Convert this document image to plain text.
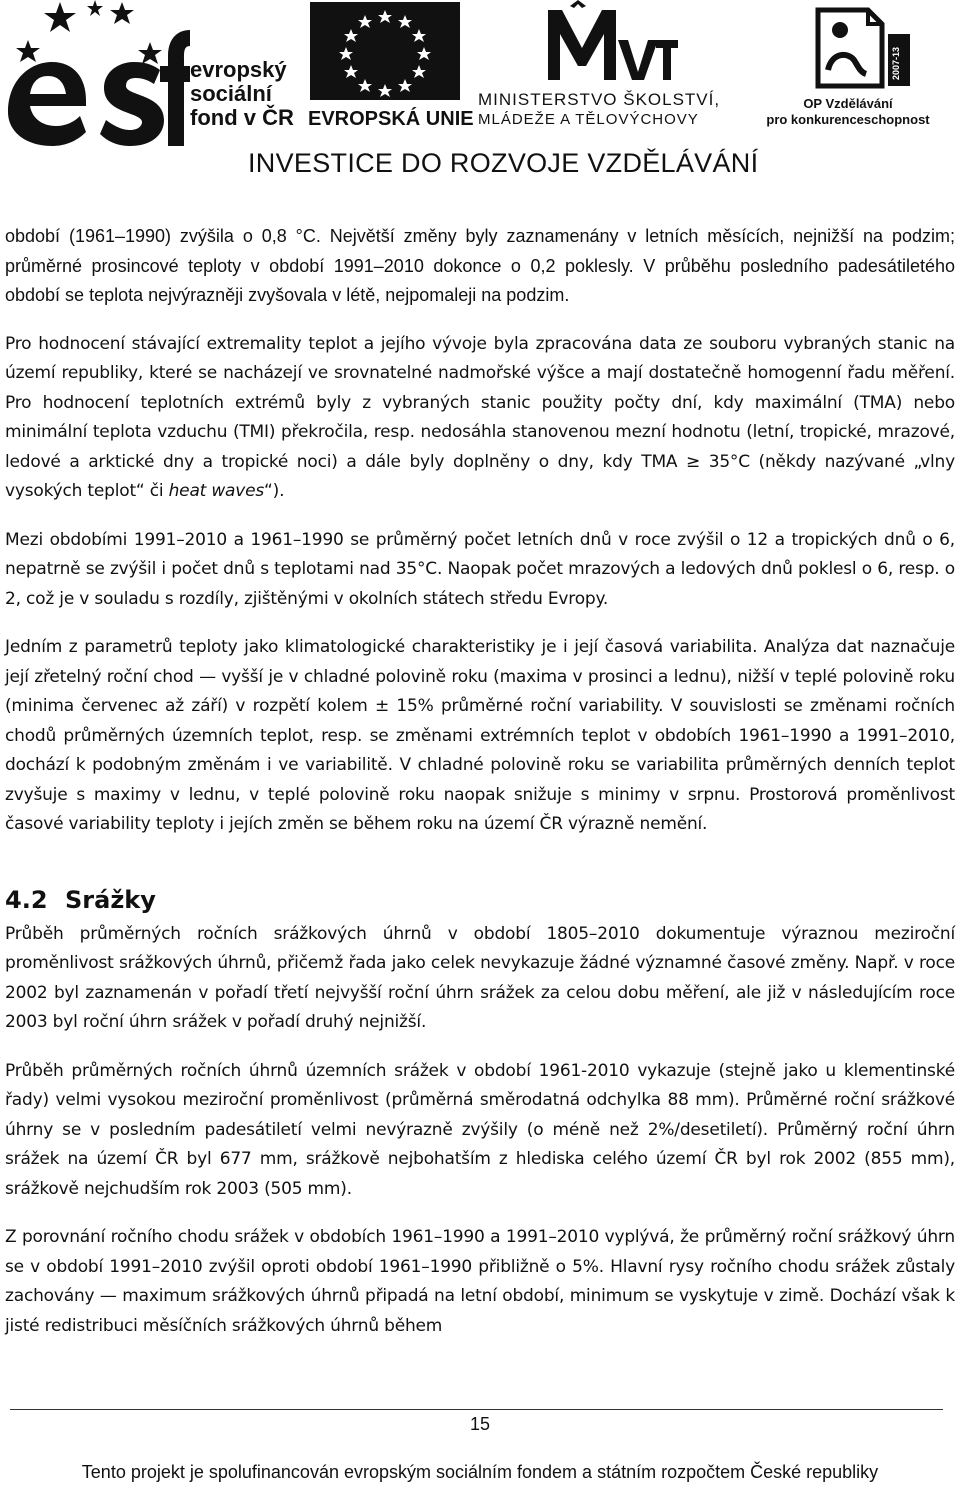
evropský
sociální
fond v ČR EVROPSKÁ UNIE
MINISTERSTVO ŠKOLSTVÍ,
MLÁDEŽE A TĚLOVÝCHOVY
2007-13
OP Vzdělávání
pro konkurenceschopnost
INVESTICE DO ROZVOJE VZDĚLÁVÁNÍ

období (1961–1990) zvýšila o 0,8 °C. Největší změny byly zaznamenány v letních měsících, nejnižší na podzim; průměrné prosincové teploty v období 1991–2010 dokonce o 0,2 poklesly. V průběhu posledního padesátiletého období se teplota nejvýrazněji zvyšovala v létě, nejpomaleji na podzim.

Pro hodnocení stávající extremality teplot a jejího vývoje byla zpracována data ze souboru vybraných stanic na území republiky, které se nacházejí ve srovnatelné nadmořské výšce a mají dostatečně homogenní řadu měření. Pro hodnocení teplotních extrémů byly z vybraných stanic použity počty dní, kdy maximální (TMA) nebo minimální teplota vzduchu (TMI) překročila, resp. nedosáhla stanovenou mezní hodnotu (letní, tropické, mrazové, ledové a arktické dny a tropické noci) a dále byly doplněny o dny, kdy TMA ≥ 35°C (někdy nazývané „vlny vysokých teplot“ či heat waves“).

Mezi obdobími 1991–2010 a 1961–1990 se průměrný počet letních dnů v roce zvýšil o 12 a tropických dnů o 6, nepatrně se zvýšil i počet dnů s teplotami nad 35°C. Naopak počet mrazových a ledových dnů poklesl o 6, resp. o 2, což je v souladu s rozdíly, zjištěnými v okolních státech středu Evropy.

Jedním z parametrů teploty jako klimatologické charakteristiky je i její časová variabilita. Analýza dat naznačuje její zřetelný roční chod — vyšší je v chladné polovině roku (maxima v prosinci a lednu), nižší v teplé polovině roku (minima červenec až září) v rozpětí kolem ± 15% průměrné roční variability. V souvislosti se změnami ročních chodů průměrných územních teplot, resp. se změnami extrémních teplot v obdobích 1961–1990 a 1991–2010, dochází k podobným změnám i ve variabilitě. V chladné polovině roku se variabilita průměrných denních teplot zvyšuje s maximy v lednu, v teplé polovině roku naopak snižuje s minimy v srpnu. Prostorová proměnlivost časové variability teploty i jejích změn se během roku na území ČR výrazně nemění.

4.2 Srážky

Průběh průměrných ročních srážkových úhrnů v období 1805–2010 dokumentuje výraznou meziroční proměnlivost srážkových úhrnů, přičemž řada jako celek nevykazuje žádné významné časové změny. Např. v roce 2002 byl zaznamenán v pořadí třetí nejvyšší roční úhrn srážek za celou dobu měření, ale již v následujícím roce 2003 byl roční úhrn srážek v pořadí druhý nejnižší.

Průběh průměrných ročních úhrnů územních srážek v období 1961-2010 vykazuje (stejně jako u klementinské řady) velmi vysokou meziroční proměnlivost (průměrná směrodatná odchylka 88 mm). Průměrné roční srážkové úhrny se v posledním padesátiletí velmi nevýrazně zvýšily (o méně než 2%/desetiletí). Průměrný roční úhrn srážek na území ČR byl 677 mm, srážkově nejbohatším z hlediska celého území ČR byl rok 2002 (855 mm), srážkově nejchudším rok 2003 (505 mm).

Z porovnání ročního chodu srážek v obdobích 1961–1990 a 1991–2010 vyplývá, že průměrný roční srážkový úhrn se v období 1991–2010 zvýšil oproti období 1961–1990 přibližně o 5%. Hlavní rysy ročního chodu srážek zůstaly zachovány — maximum srážkových úhrnů připadá na letní období, minimum se vyskytuje v zimě. Dochází však k jisté redistribuci měsíčních srážkových úhrnů během

15
Tento projekt je spolufinancován evropským sociálním fondem a státním rozpočtem České republiky
